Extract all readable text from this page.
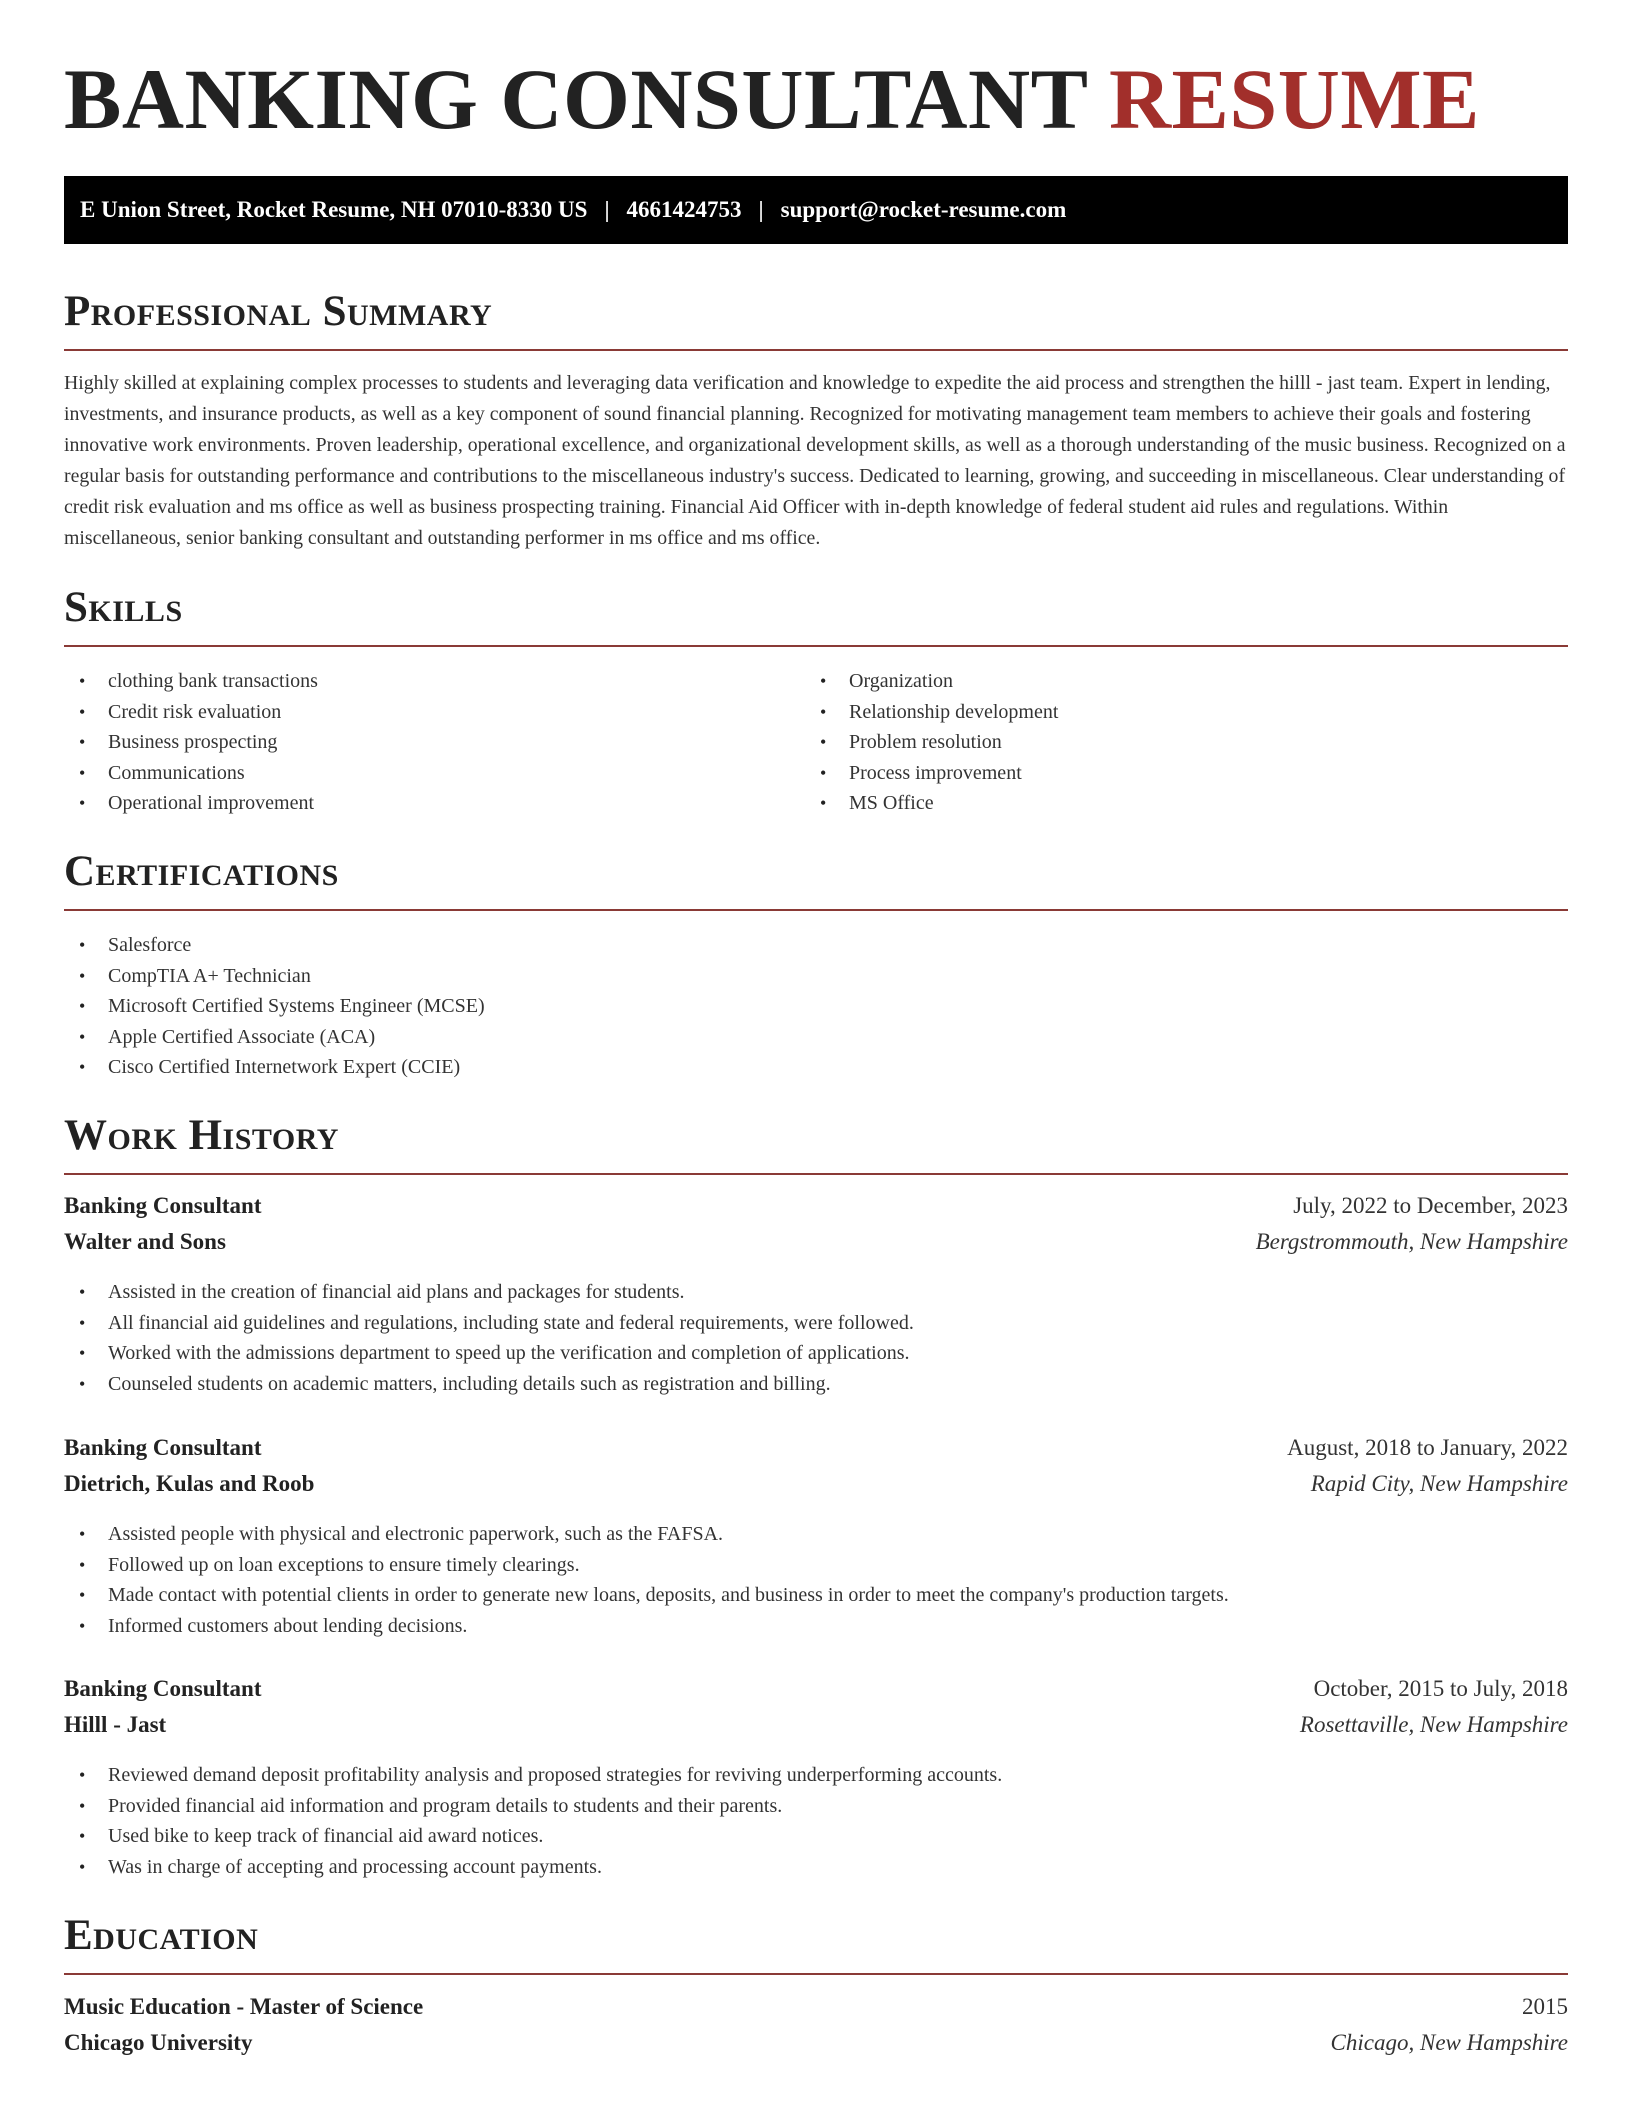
BANKING CONSULTANT RESUME
E Union Street, Rocket Resume, NH 07010-8330 US | 4661424753 | support@rocket-resume.com
Professional Summary

Highly skilled at explaining complex processes to students and leveraging data verification and knowledge to expedite the aid process and strengthen the hilll - jast team. Expert in lending, investments, and insurance products, as well as a key component of sound financial planning. Recognized for motivating management team members to achieve their goals and fostering innovative work environments. Proven leadership, operational excellence, and organizational development skills, as well as a thorough understanding of the music business. Recognized on a regular basis for outstanding performance and contributions to the miscellaneous industry's success. Dedicated to learning, growing, and succeeding in miscellaneous. Clear understanding of credit risk evaluation and ms office as well as business prospecting training. Financial Aid Officer with in-depth knowledge of federal student aid rules and regulations. Within miscellaneous, senior banking consultant and outstanding performer in ms office and ms office.

Skills
• clothing bank transactions
• Credit risk evaluation
• Business prospecting
• Communications
• Operational improvement
• Organization
• Relationship development
• Problem resolution
• Process improvement
• MS Office
Certifications
• Salesforce
• CompTIA A+ Technician
• Microsoft Certified Systems Engineer (MCSE)
• Apple Certified Associate (ACA)
• Cisco Certified Internetwork Expert (CCIE)
Work History
Banking Consultant	July, 2022 to December, 2023
Walter and Sons	Bergstrommouth, New Hampshire
• Assisted in the creation of financial aid plans and packages for students.
• All financial aid guidelines and regulations, including state and federal requirements, were followed.
• Worked with the admissions department to speed up the verification and completion of applications.
• Counseled students on academic matters, including details such as registration and billing.
Banking Consultant	August, 2018 to January, 2022
Dietrich, Kulas and Roob	Rapid City, New Hampshire
• Assisted people with physical and electronic paperwork, such as the FAFSA.
• Followed up on loan exceptions to ensure timely clearings.
• Made contact with potential clients in order to generate new loans, deposits, and business in order to meet the company's production targets.
• Informed customers about lending decisions.
Banking Consultant	October, 2015 to July, 2018
Hilll - Jast	Rosettaville, New Hampshire
• Reviewed demand deposit profitability analysis and proposed strategies for reviving underperforming accounts.
• Provided financial aid information and program details to students and their parents.
• Used bike to keep track of financial aid award notices.
• Was in charge of accepting and processing account payments.
Education
Music Education - Master of Science	2015
Chicago University	Chicago, New Hampshire
